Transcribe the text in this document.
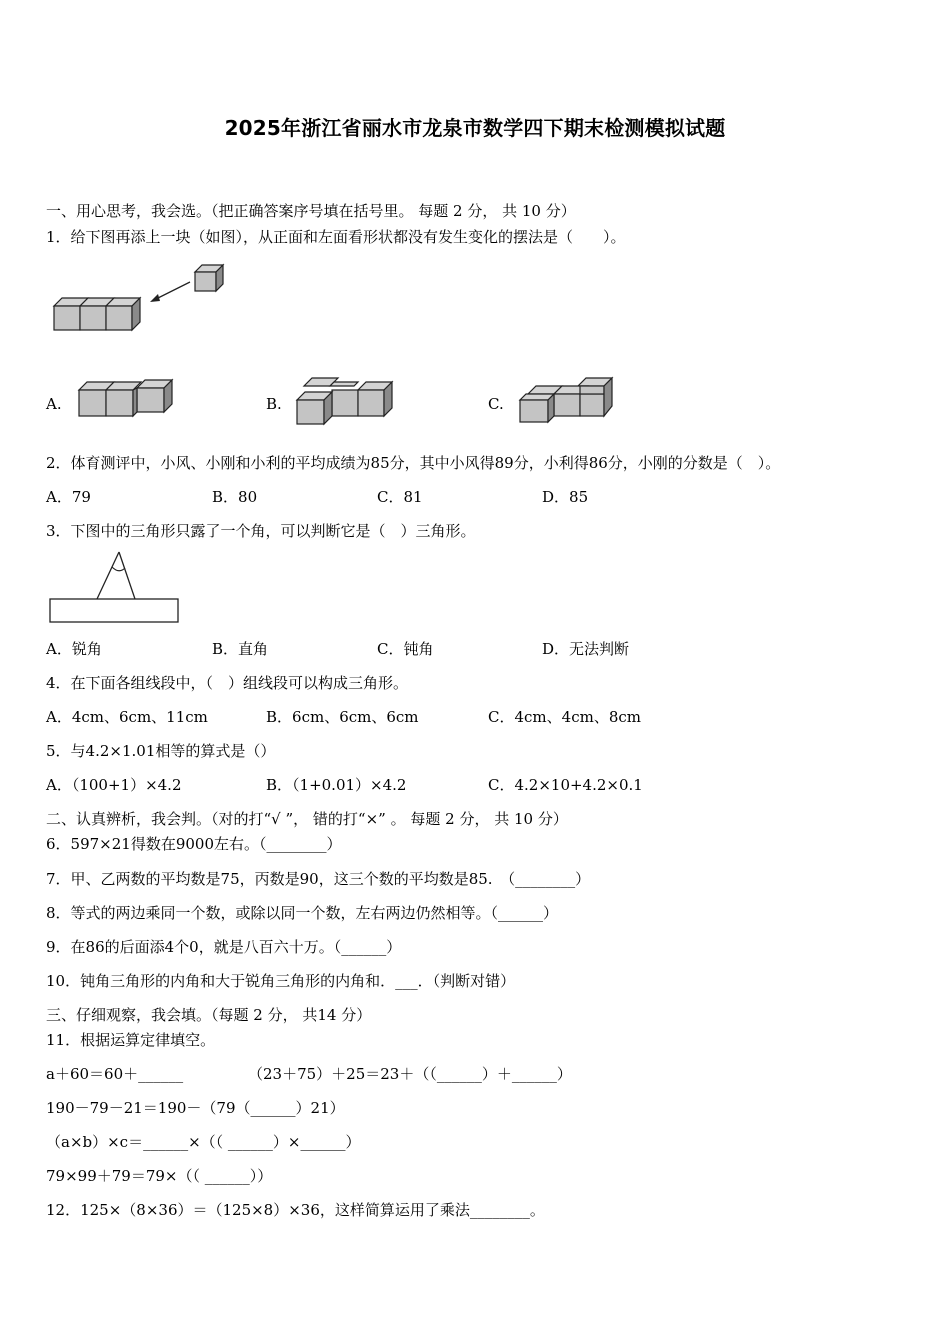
2025年浙江省丽水市龙泉市数学四下期末检测模拟试题
一、用心思考，我会选。（把正确答案序号填在括号里。 每题 2 分， 共 10 分）
1．给下图再添上一块（如图），从正面和左面看形状都没有发生变化的摆法是（　　）。
A.	B.	C.
2．体育测评中，小风、小刚和小利的平均成绩为85分，其中小风得89分，小利得86分，小刚的分数是（　）。
A．79	B．80	C．81	D．85
3．下图中的三角形只露了一个角，可以判断它是（　）三角形。
A．锐角	B．直角	C．钝角	D．无法判断
4．在下面各组线段中，（　）组线段可以构成三角形。
A．4cm、6cm、11cm	B．6cm、6cm、6cm	C．4cm、4cm、8cm
5．与4.2×1.01相等的算式是（）
A．（100+1）×4.2	B．（1+0.01）×4.2	C．4.2×10+4.2×0.1
二、认真辨析，我会判。（对的打“√ ”， 错的打“×” 。 每题 2 分， 共 10 分）
6．597×21得数在9000左右。（________）
7．甲、乙两数的平均数是75，丙数是90，这三个数的平均数是85.　（________）
8．等式的两边乘同一个数，或除以同一个数，左右两边仍然相等。（______）
9．在86的后面添4个0，就是八百六十万。（______）
10．钝角三角形的内角和大于锐角三角形的内角和．___．（判断对错）
三、仔细观察，我会填。（每题 2 分， 共14 分）
11．根据运算定律填空。
a＋60＝60＋______	（23＋75）＋25＝23＋（（______）＋______）
190－79－21＝190－（79（______）21）
（a×b）×c＝______×（（ ______）×______）
79×99＋79＝79×（（ ______））
12．125×（8×36）＝（125×8）×36，这样简算运用了乘法________。
